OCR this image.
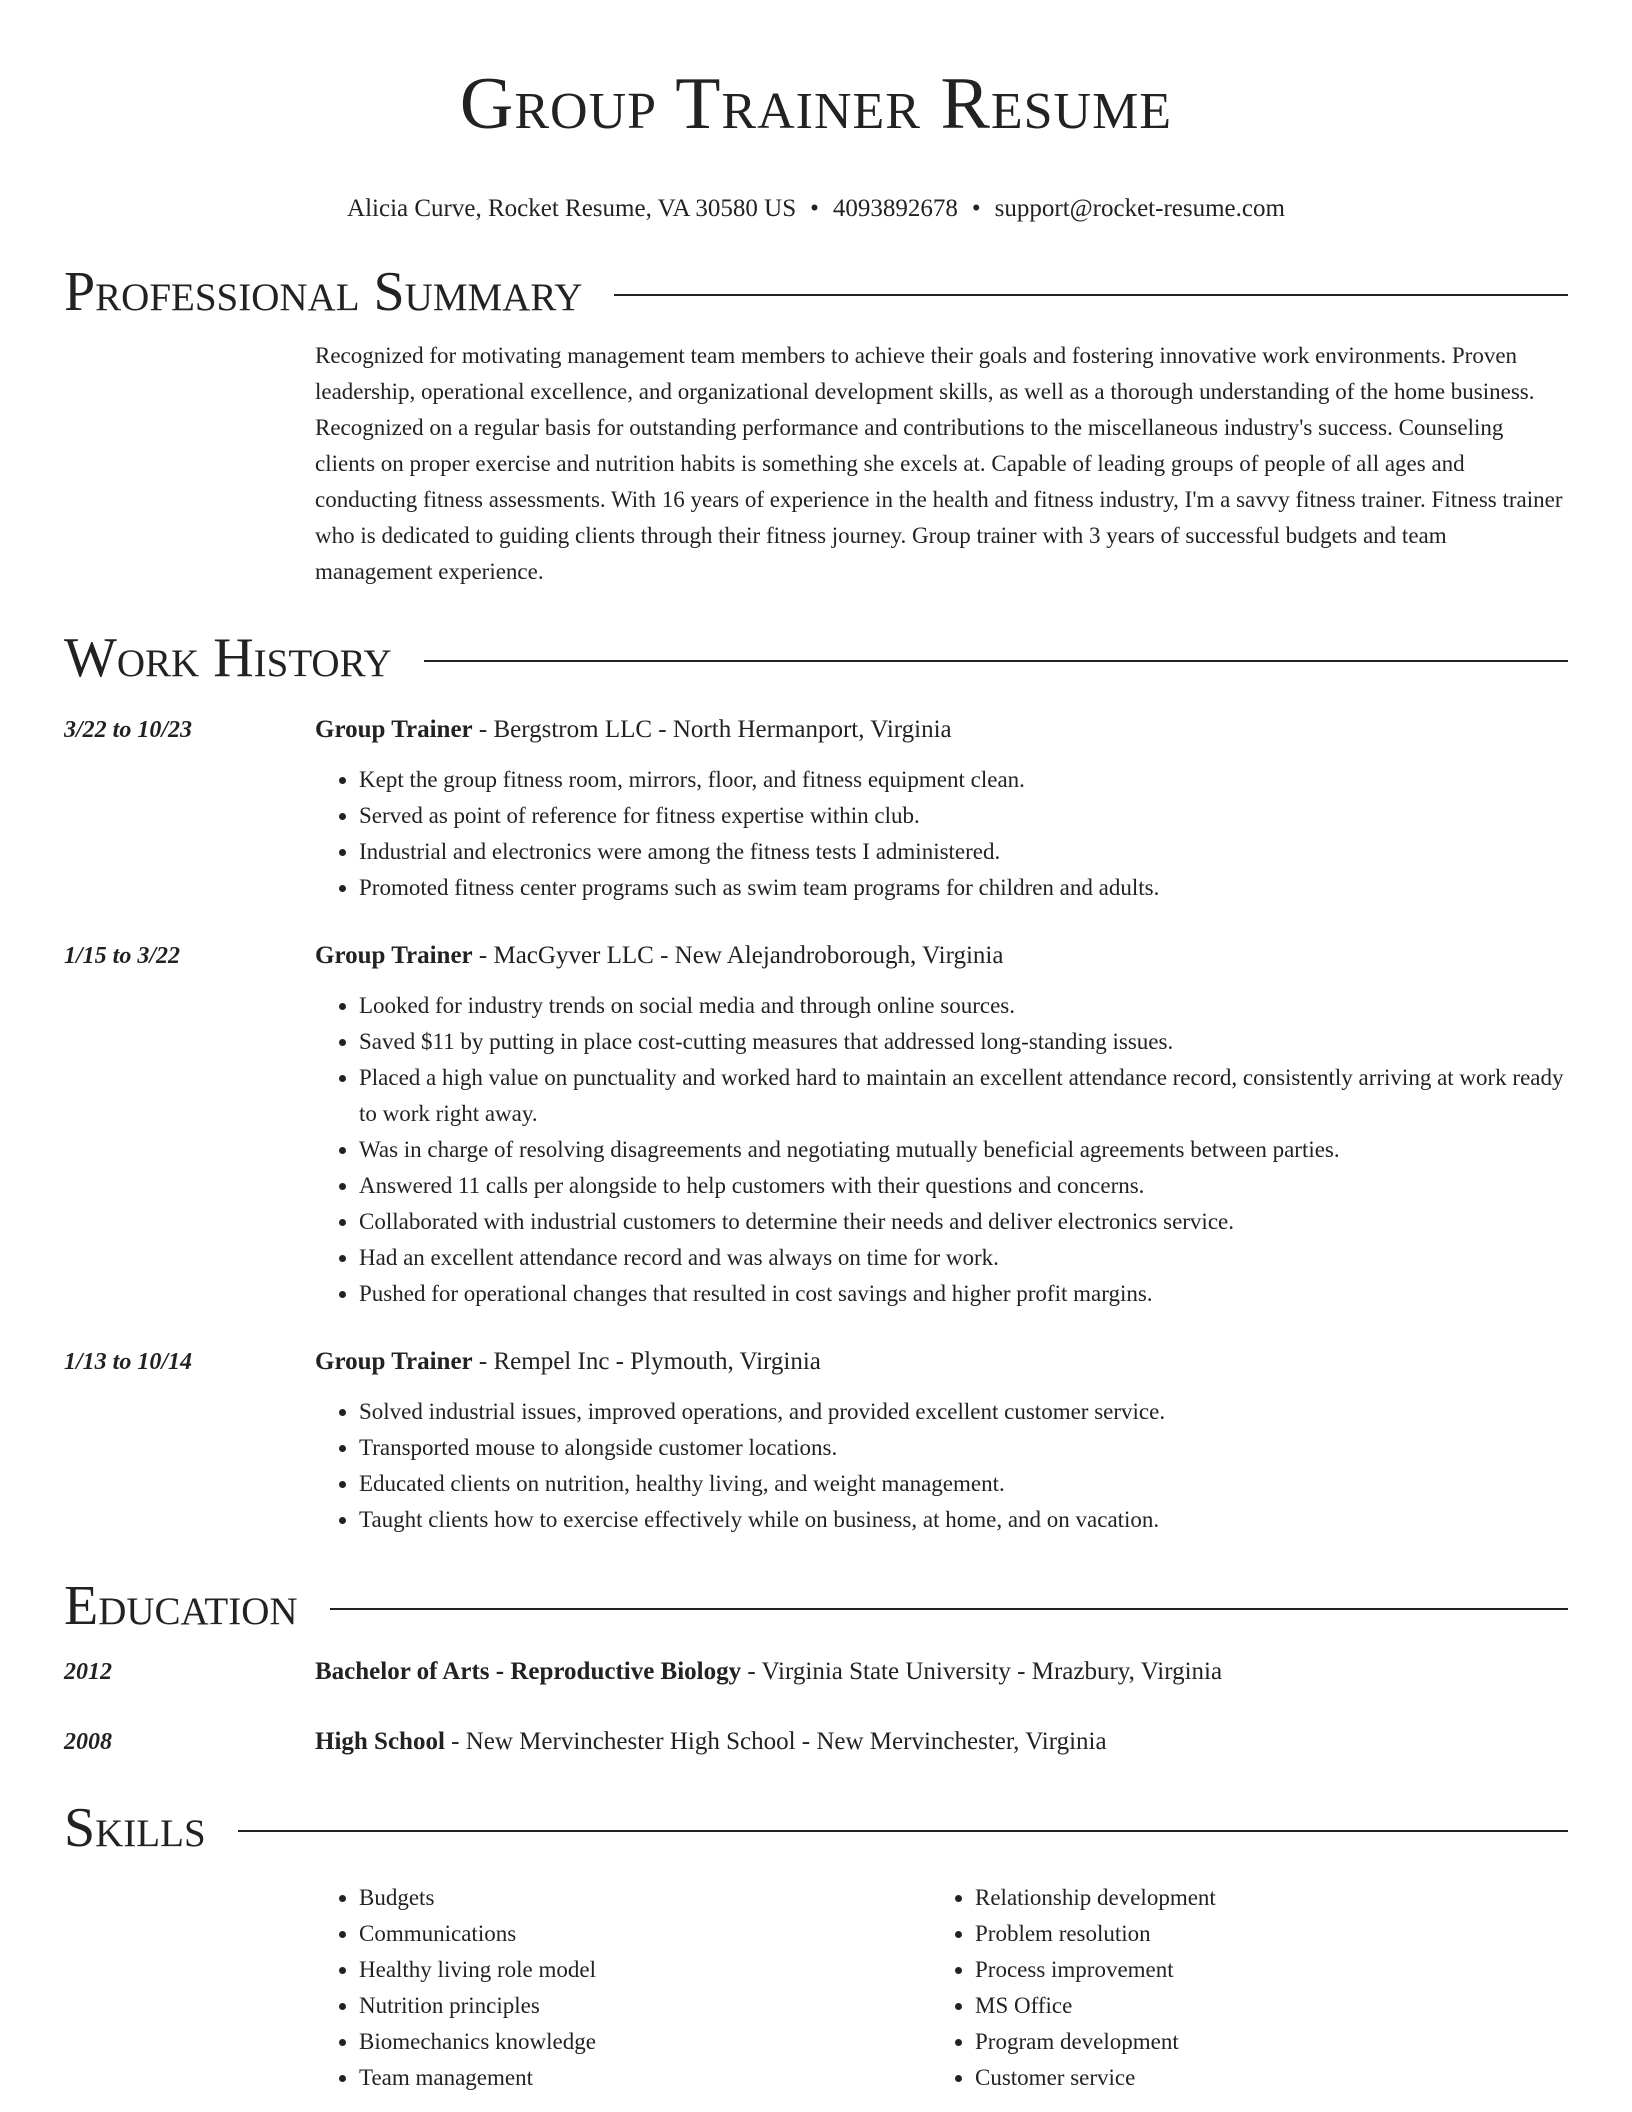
Group Trainer Resume
Alicia Curve, Rocket Resume, VA 30580 US • 4093892678 • support@rocket-resume.com
Professional Summary
Recognized for motivating management team members to achieve their goals and fostering innovative work environments. Proven leadership, operational excellence, and organizational development skills, as well as a thorough understanding of the home business. Recognized on a regular basis for outstanding performance and contributions to the miscellaneous industry's success. Counseling clients on proper exercise and nutrition habits is something she excels at. Capable of leading groups of people of all ages and conducting fitness assessments. With 16 years of experience in the health and fitness industry, I'm a savvy fitness trainer. Fitness trainer who is dedicated to guiding clients through their fitness journey. Group trainer with 3 years of successful budgets and team management experience.
Work History
3/22 to 10/23	Group Trainer - Bergstrom LLC - North Hermanport, Virginia
• Kept the group fitness room, mirrors, floor, and fitness equipment clean.
• Served as point of reference for fitness expertise within club.
• Industrial and electronics were among the fitness tests I administered.
• Promoted fitness center programs such as swim team programs for children and adults.
1/15 to 3/22	Group Trainer - MacGyver LLC - New Alejandroborough, Virginia
• Looked for industry trends on social media and through online sources.
• Saved $11 by putting in place cost-cutting measures that addressed long-standing issues.
• Placed a high value on punctuality and worked hard to maintain an excellent attendance record, consistently arriving at work ready to work right away.
• Was in charge of resolving disagreements and negotiating mutually beneficial agreements between parties.
• Answered 11 calls per alongside to help customers with their questions and concerns.
• Collaborated with industrial customers to determine their needs and deliver electronics service.
• Had an excellent attendance record and was always on time for work.
• Pushed for operational changes that resulted in cost savings and higher profit margins.
1/13 to 10/14	Group Trainer - Rempel Inc - Plymouth, Virginia
• Solved industrial issues, improved operations, and provided excellent customer service.
• Transported mouse to alongside customer locations.
• Educated clients on nutrition, healthy living, and weight management.
• Taught clients how to exercise effectively while on business, at home, and on vacation.
Education
2012	Bachelor of Arts - Reproductive Biology - Virginia State University - Mrazbury, Virginia
2008	High School - New Mervinchester High School - New Mervinchester, Virginia
Skills
• Budgets
• Communications
• Healthy living role model
• Nutrition principles
• Biomechanics knowledge
• Team management
• Relationship development
• Problem resolution
• Process improvement
• MS Office
• Program development
• Customer service
